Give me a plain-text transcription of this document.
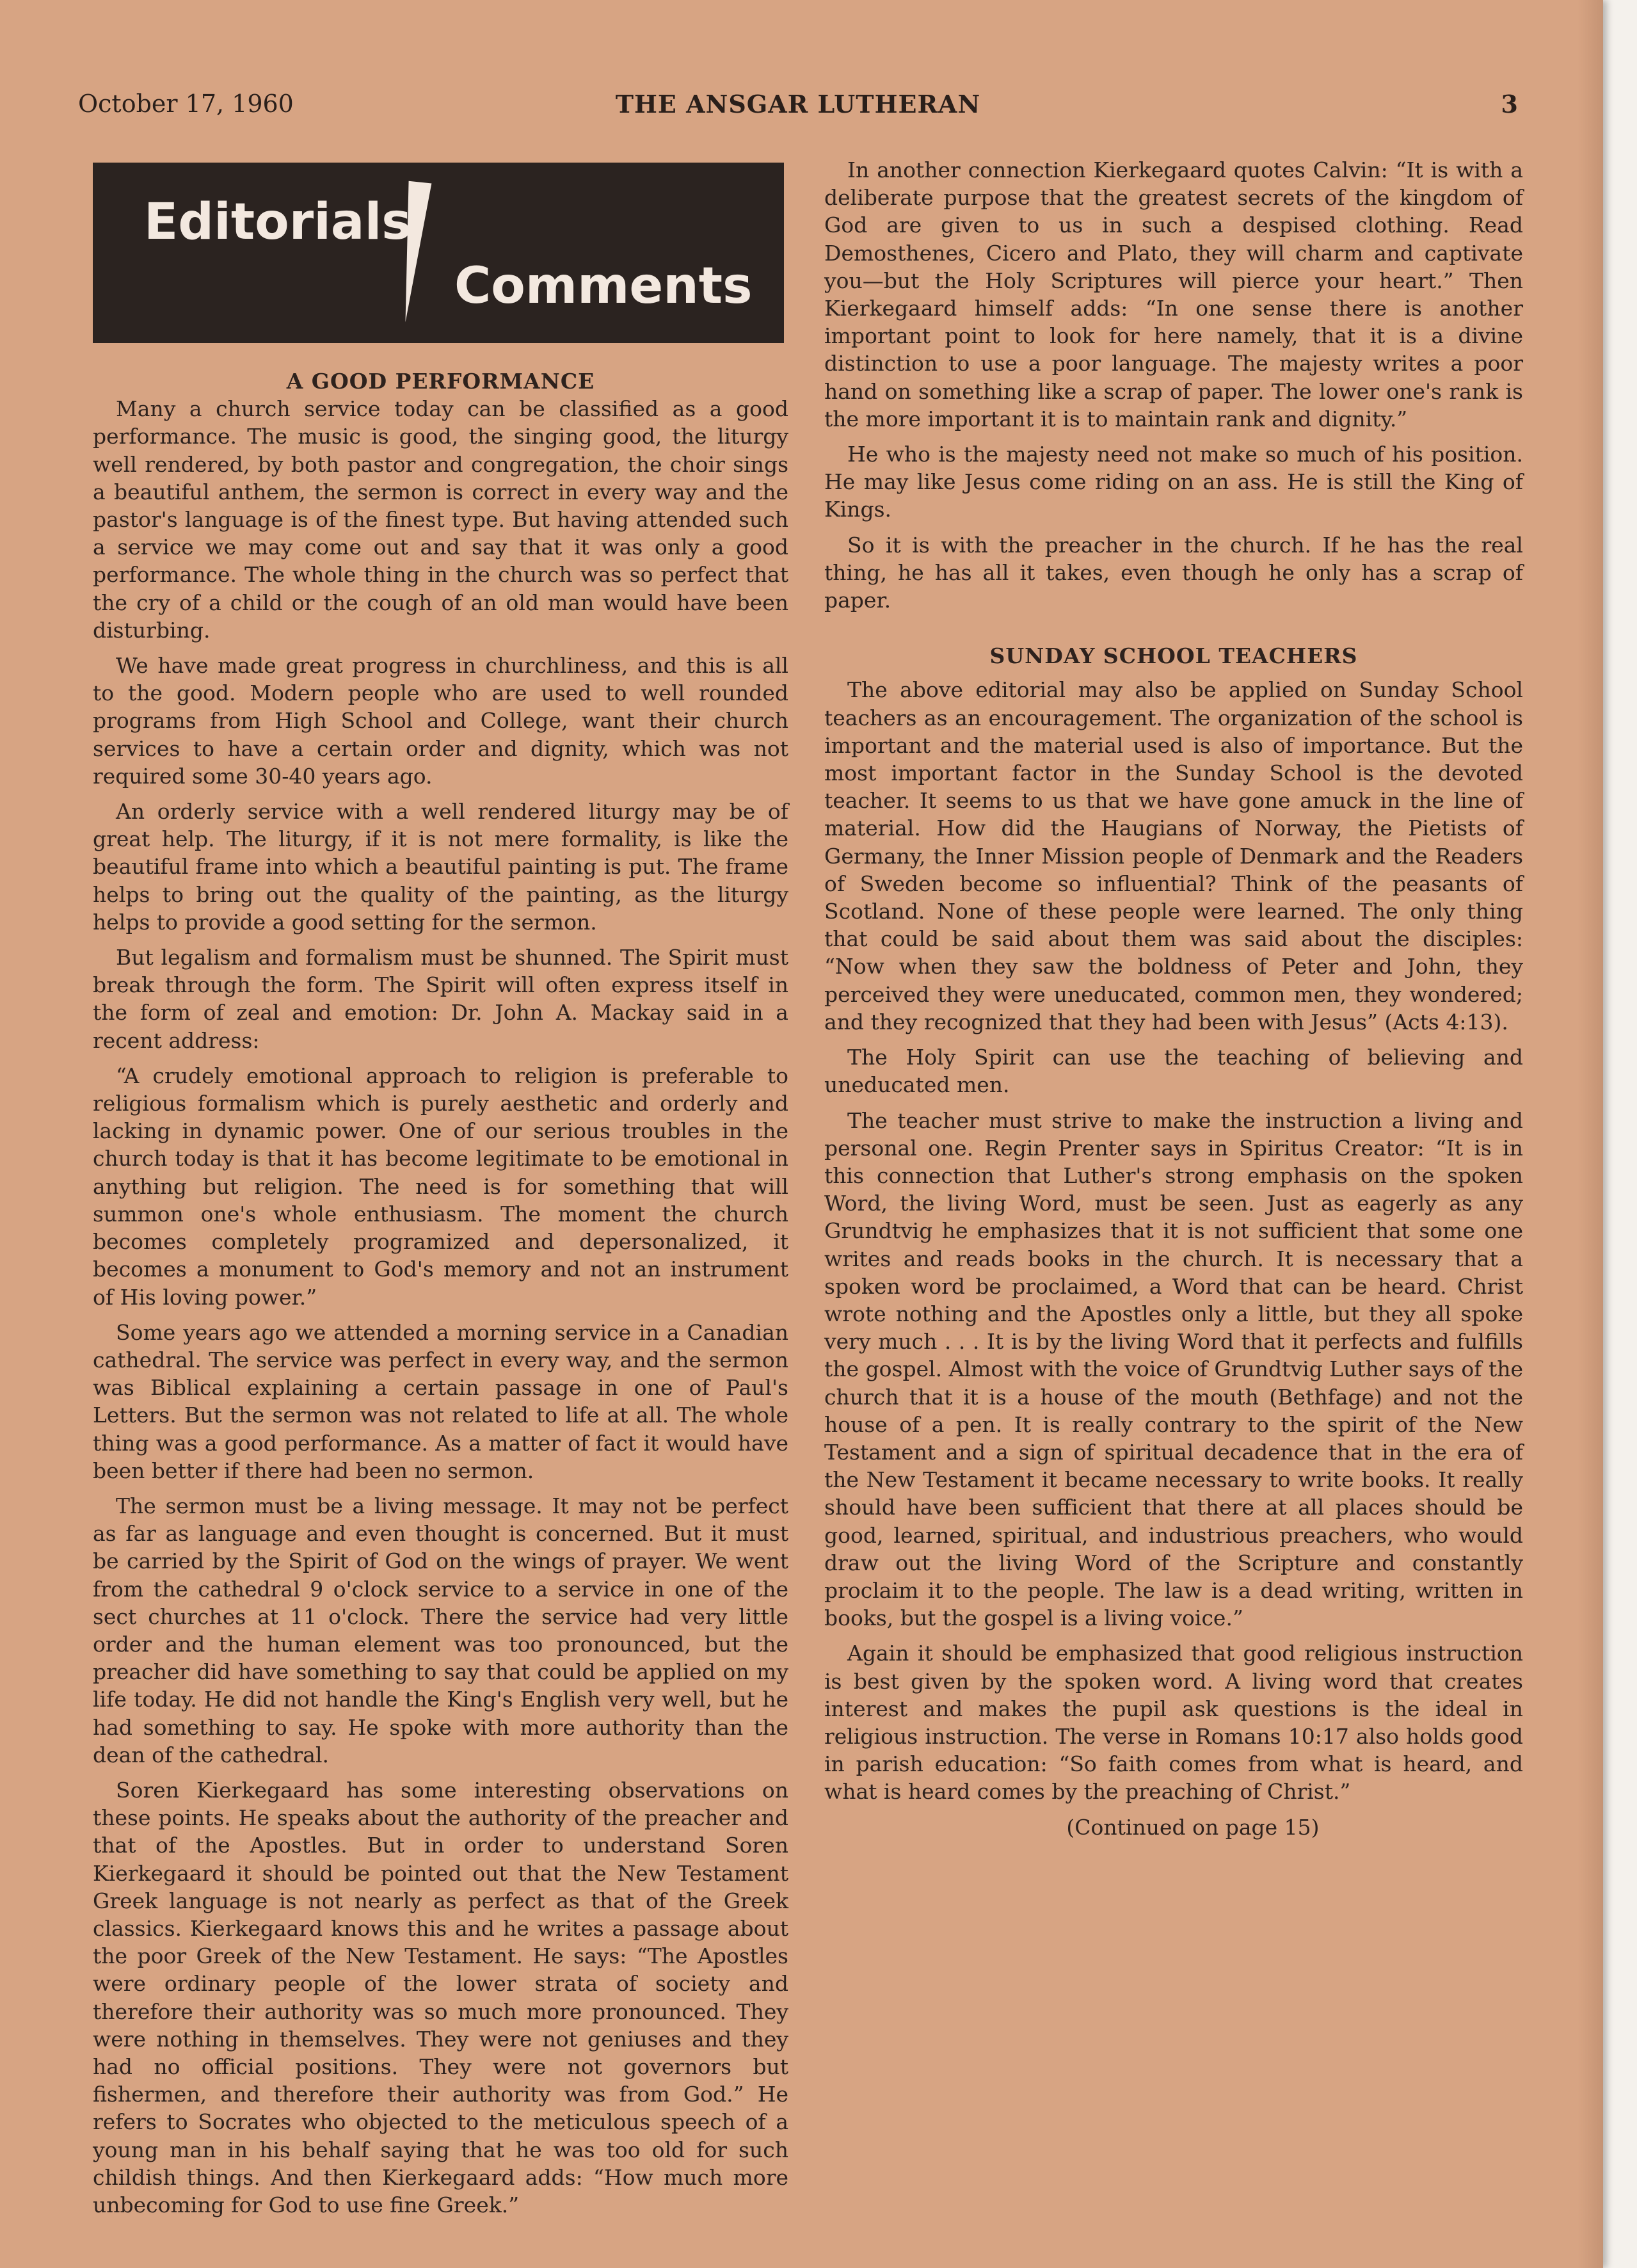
October 17, 1960	THE ANSGAR LUTHERAN	3
Editorials
Comments
A GOOD PERFORMANCE

Many a church service today can be classified as a good performance. The music is good, the singing good, the liturgy well rendered, by both pastor and congregation, the choir sings a beautiful anthem, the sermon is correct in every way and the pastor's language is of the finest type. But having attended such a service we may come out and say that it was only a good performance. The whole thing in the church was so perfect that the cry of a child or the cough of an old man would have been disturbing.

We have made great progress in churchliness, and this is all to the good. Modern people who are used to well rounded programs from High School and College, want their church services to have a certain order and dignity, which was not required some 30-40 years ago.

An orderly service with a well rendered liturgy may be of great help. The liturgy, if it is not mere formality, is like the beautiful frame into which a beautiful painting is put. The frame helps to bring out the quality of the painting, as the liturgy helps to provide a good setting for the sermon.

But legalism and formalism must be shunned. The Spirit must break through the form. The Spirit will often express itself in the form of zeal and emotion: Dr. John A. Mackay said in a recent address:

“A crudely emotional approach to religion is preferable to religious formalism which is purely aesthetic and orderly and lacking in dynamic power. One of our serious troubles in the church today is that it has become legitimate to be emotional in anything but religion. The need is for something that will summon one's whole enthusiasm. The moment the church becomes completely programized and depersonalized, it becomes a monument to God's memory and not an instrument of His loving power.”

Some years ago we attended a morning service in a Canadian cathedral. The service was perfect in every way, and the sermon was Biblical explaining a certain passage in one of Paul's Letters. But the sermon was not related to life at all. The whole thing was a good performance. As a matter of fact it would have been better if there had been no sermon.

The sermon must be a living message. It may not be perfect as far as language and even thought is concerned. But it must be carried by the Spirit of God on the wings of prayer. We went from the cathedral 9 o'clock service to a service in one of the sect churches at 11 o'clock. There the service had very little order and the human element was too pronounced, but the preacher did have something to say that could be applied on my life today. He did not handle the King's English very well, but he had something to say. He spoke with more authority than the dean of the cathedral.

Soren Kierkegaard has some interesting observations on these points. He speaks about the authority of the preacher and that of the Apostles. But in order to understand Soren Kierkegaard it should be pointed out that the New Testament Greek language is not nearly as perfect as that of the Greek classics. Kierkegaard knows this and he writes a passage about the poor Greek of the New Testament. He says: “The Apostles were ordinary people of the lower strata of society and therefore their authority was so much more pronounced. They were nothing in themselves. They were not geniuses and they had no official positions. They were not governors but fishermen, and therefore their authority was from God.” He refers to Socrates who objected to the meticulous speech of a young man in his behalf saying that he was too old for such childish things. And then Kierkegaard adds: “How much more unbecoming for God to use fine Greek.”

In another connection Kierkegaard quotes Calvin: “It is with a deliberate purpose that the greatest secrets of the kingdom of God are given to us in such a despised clothing. Read Demosthenes, Cicero and Plato, they will charm and captivate you—but the Holy Scriptures will pierce your heart.” Then Kierkegaard himself adds: “In one sense there is another important point to look for here namely, that it is a divine distinction to use a poor language. The majesty writes a poor hand on something like a scrap of paper. The lower one's rank is the more important it is to maintain rank and dignity.”

He who is the majesty need not make so much of his position. He may like Jesus come riding on an ass. He is still the King of Kings.

So it is with the preacher in the church. If he has the real thing, he has all it takes, even though he only has a scrap of paper.

SUNDAY SCHOOL TEACHERS

The above editorial may also be applied on Sunday School teachers as an encouragement. The organization of the school is important and the material used is also of importance. But the most important factor in the Sunday School is the devoted teacher. It seems to us that we have gone amuck in the line of material. How did the Haugians of Norway, the Pietists of Germany, the Inner Mission people of Denmark and the Readers of Sweden become so influential? Think of the peasants of Scotland. None of these people were learned. The only thing that could be said about them was said about the disciples: “Now when they saw the boldness of Peter and John, they perceived they were uneducated, common men, they wondered; and they recognized that they had been with Jesus” (Acts 4:13).

The Holy Spirit can use the teaching of believing and uneducated men.

The teacher must strive to make the instruction a living and personal one. Regin Prenter says in Spiritus Creator: “It is in this connection that Luther's strong emphasis on the spoken Word, the living Word, must be seen. Just as eagerly as any Grundtvig he emphasizes that it is not sufficient that some one writes and reads books in the church. It is necessary that a spoken word be proclaimed, a Word that can be heard. Christ wrote nothing and the Apostles only a little, but they all spoke very much . . . It is by the living Word that it perfects and fulfills the gospel. Almost with the voice of Grundtvig Luther says of the church that it is a house of the mouth (Bethfage) and not the house of a pen. It is really contrary to the spirit of the New Testament and a sign of spiritual decadence that in the era of the New Testament it became necessary to write books. It really should have been sufficient that there at all places should be good, learned, spiritual, and industrious preachers, who would draw out the living Word of the Scripture and constantly proclaim it to the people. The law is a dead writing, written in books, but the gospel is a living voice.”

Again it should be emphasized that good religious instruction is best given by the spoken word. A living word that creates interest and makes the pupil ask questions is the ideal in religious instruction. The verse in Romans 10:17 also holds good in parish education: “So faith comes from what is heard, and what is heard comes by the preaching of Christ.”

(Continued on page 15)
